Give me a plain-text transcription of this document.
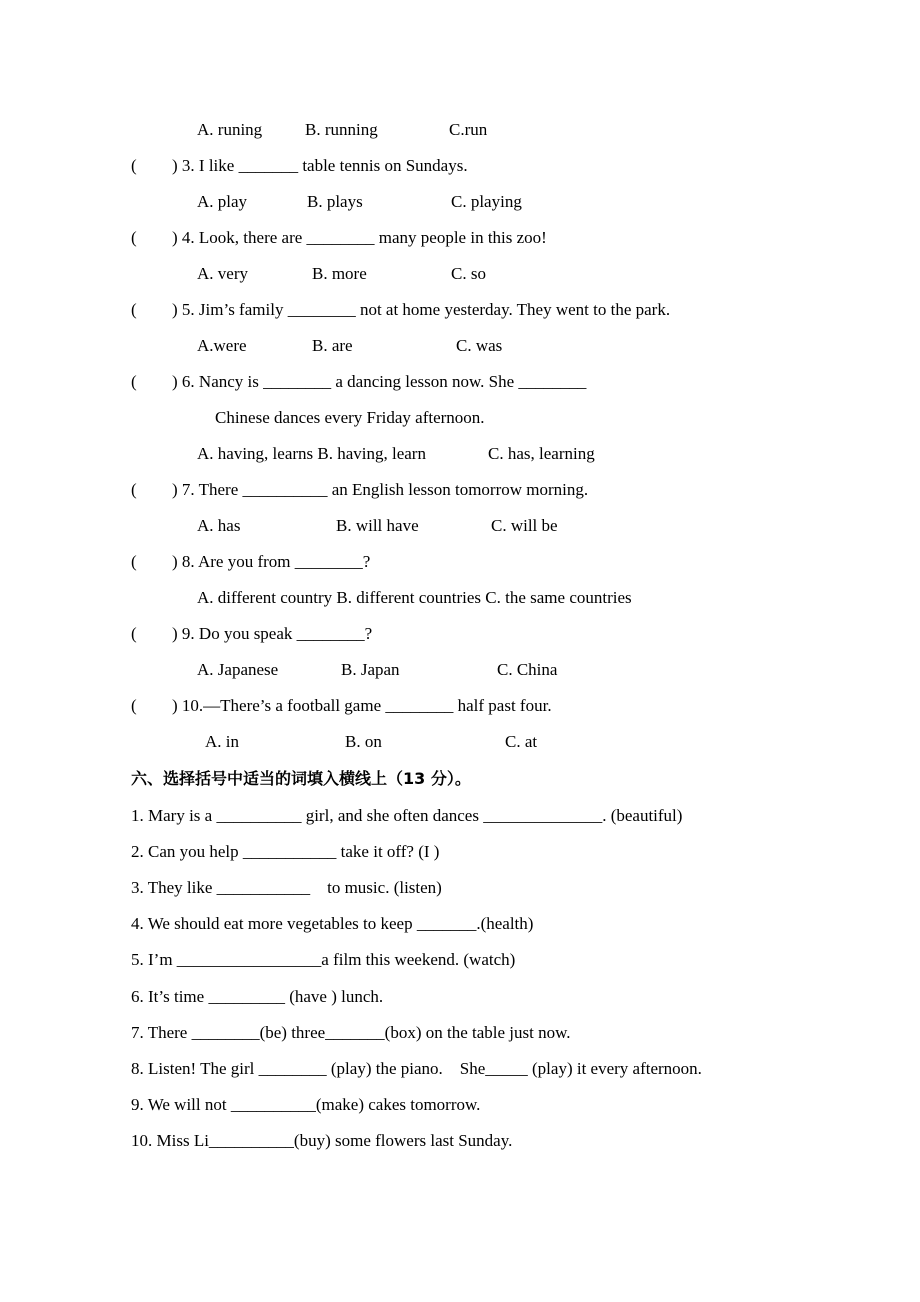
A. runing	B. running	C.run
( ) 3. I like _______ table tennis on Sundays.
A. play	B. plays	C. playing
( ) 4. Look, there are ________ many people in this zoo!
A. very	B. more	C. so
( ) 5. Jim’s family ________ not at home yesterday. They went to the park.
A.were	B. are	C. was
( ) 6. Nancy is ________ a dancing lesson now. She ________
Chinese dances every Friday afternoon.
A. having, learns B. having, learn	C. has, learning
( ) 7. There __________ an English lesson tomorrow morning.
A. has	B. will have	C. will be
( ) 8. Are you from ________?
A. different country B. different countries C. the same countries
( ) 9. Do you speak ________?
A. Japanese	B. Japan	C. China
( ) 10.—There’s a football game ________ half past four.
A. in	B. on	C. at
六、选择括号中适当的词填入横线上（13 分）。
1. Mary is a __________ girl, and she often dances ______________. (beautiful)
2. Can you help ___________ take it off? (I )
3. They like ___________    to music. (listen)
4. We should eat more vegetables to keep _______.(health)
5. I’m _________________a film this weekend. (watch)
6. It’s time _________ (have ) lunch.
7. There ________(be) three_______(box) on the table just now.
8. Listen! The girl ________ (play) the piano.    She_____ (play) it every afternoon.
9. We will not __________(make) cakes tomorrow.
10. Miss Li__________(buy) some flowers last Sunday.
